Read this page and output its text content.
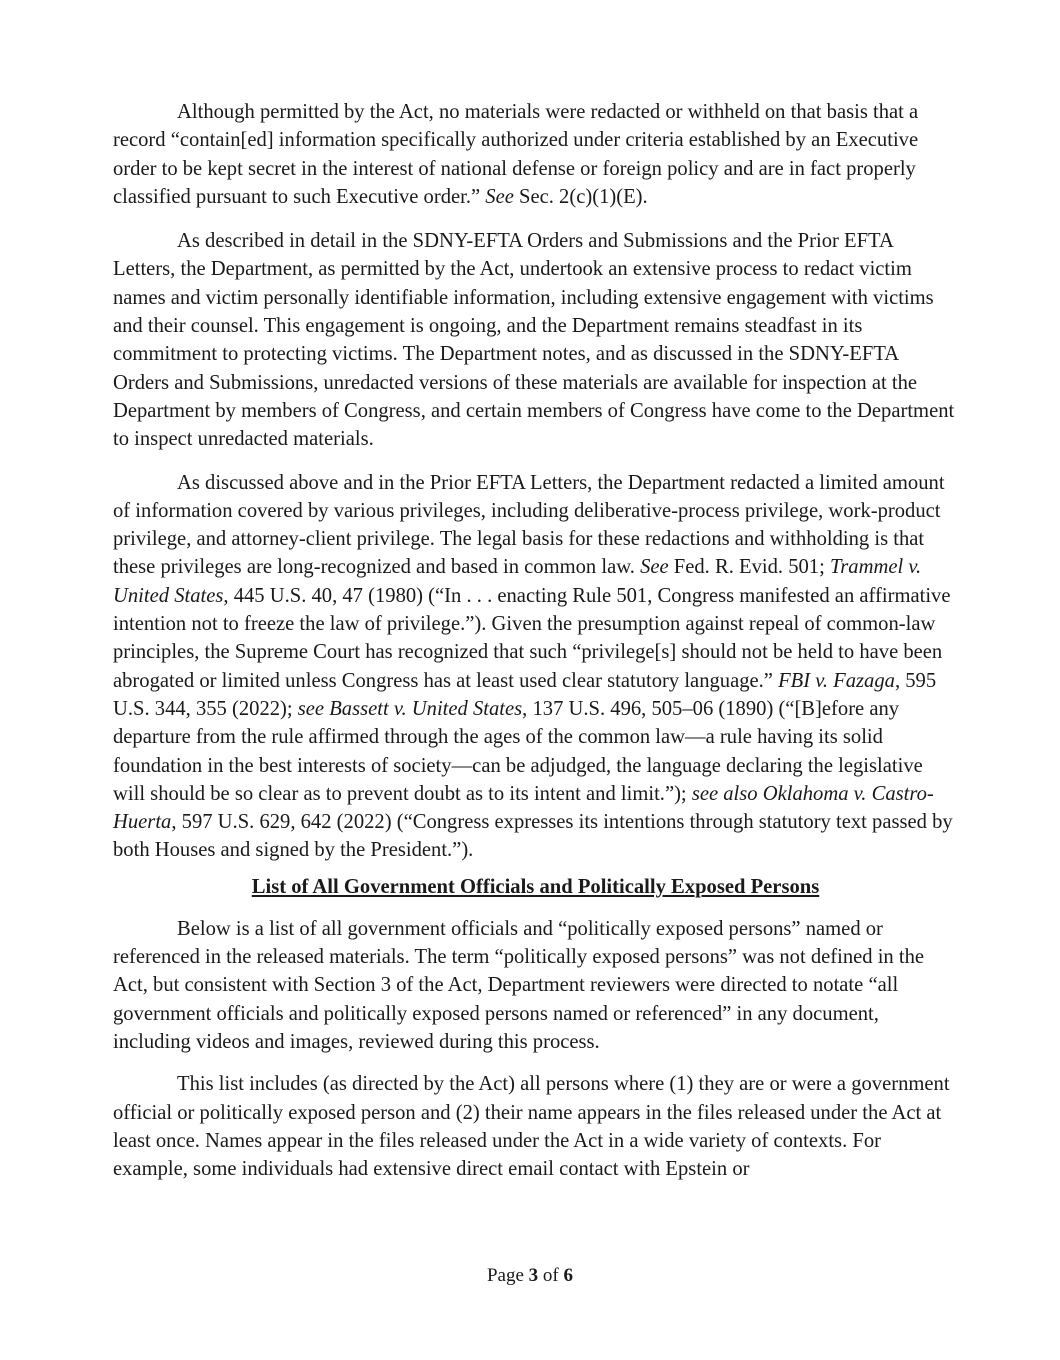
Although permitted by the Act, no materials were redacted or withheld on that basis that a record “contain[ed] information specifically authorized under criteria established by an Executive order to be kept secret in the interest of national defense or foreign policy and are in fact properly classified pursuant to such Executive order.” See Sec. 2(c)(1)(E).

As described in detail in the SDNY-EFTA Orders and Submissions and the Prior EFTA Letters, the Department, as permitted by the Act, undertook an extensive process to redact victim names and victim personally identifiable information, including extensive engagement with victims and their counsel. This engagement is ongoing, and the Department remains steadfast in its commitment to protecting victims. The Department notes, and as discussed in the SDNY-EFTA Orders and Submissions, unredacted versions of these materials are available for inspection at the Department by members of Congress, and certain members of Congress have come to the Department to inspect unredacted materials.

As discussed above and in the Prior EFTA Letters, the Department redacted a limited amount of information covered by various privileges, including deliberative-process privilege, work-product privilege, and attorney-client privilege. The legal basis for these redactions and withholding is that these privileges are long-recognized and based in common law. See Fed. R. Evid. 501; Trammel v. United States, 445 U.S. 40, 47 (1980) (“In . . . enacting Rule 501, Congress manifested an affirmative intention not to freeze the law of privilege.”). Given the presumption against repeal of common-law principles, the Supreme Court has recognized that such “privilege[s] should not be held to have been abrogated or limited unless Congress has at least used clear statutory language.” FBI v. Fazaga, 595 U.S. 344, 355 (2022); see Bassett v. United States, 137 U.S. 496, 505–06 (1890) (“[B]efore any departure from the rule affirmed through the ages of the common law—a rule having its solid foundation in the best interests of society—can be adjudged, the language declaring the legislative will should be so clear as to prevent doubt as to its intent and limit.”); see also Oklahoma v. Castro-Huerta, 597 U.S. 629, 642 (2022) (“Congress expresses its intentions through statutory text passed by both Houses and signed by the President.”).

List of All Government Officials and Politically Exposed Persons

Below is a list of all government officials and “politically exposed persons” named or referenced in the released materials. The term “politically exposed persons” was not defined in the Act, but consistent with Section 3 of the Act, Department reviewers were directed to notate “all government officials and politically exposed persons named or referenced” in any document, including videos and images, reviewed during this process.

This list includes (as directed by the Act) all persons where (1) they are or were a government official or politically exposed person and (2) their name appears in the files released under the Act at least once. Names appear in the files released under the Act in a wide variety of contexts. For example, some individuals had extensive direct email contact with Epstein or

Page 3 of 6
